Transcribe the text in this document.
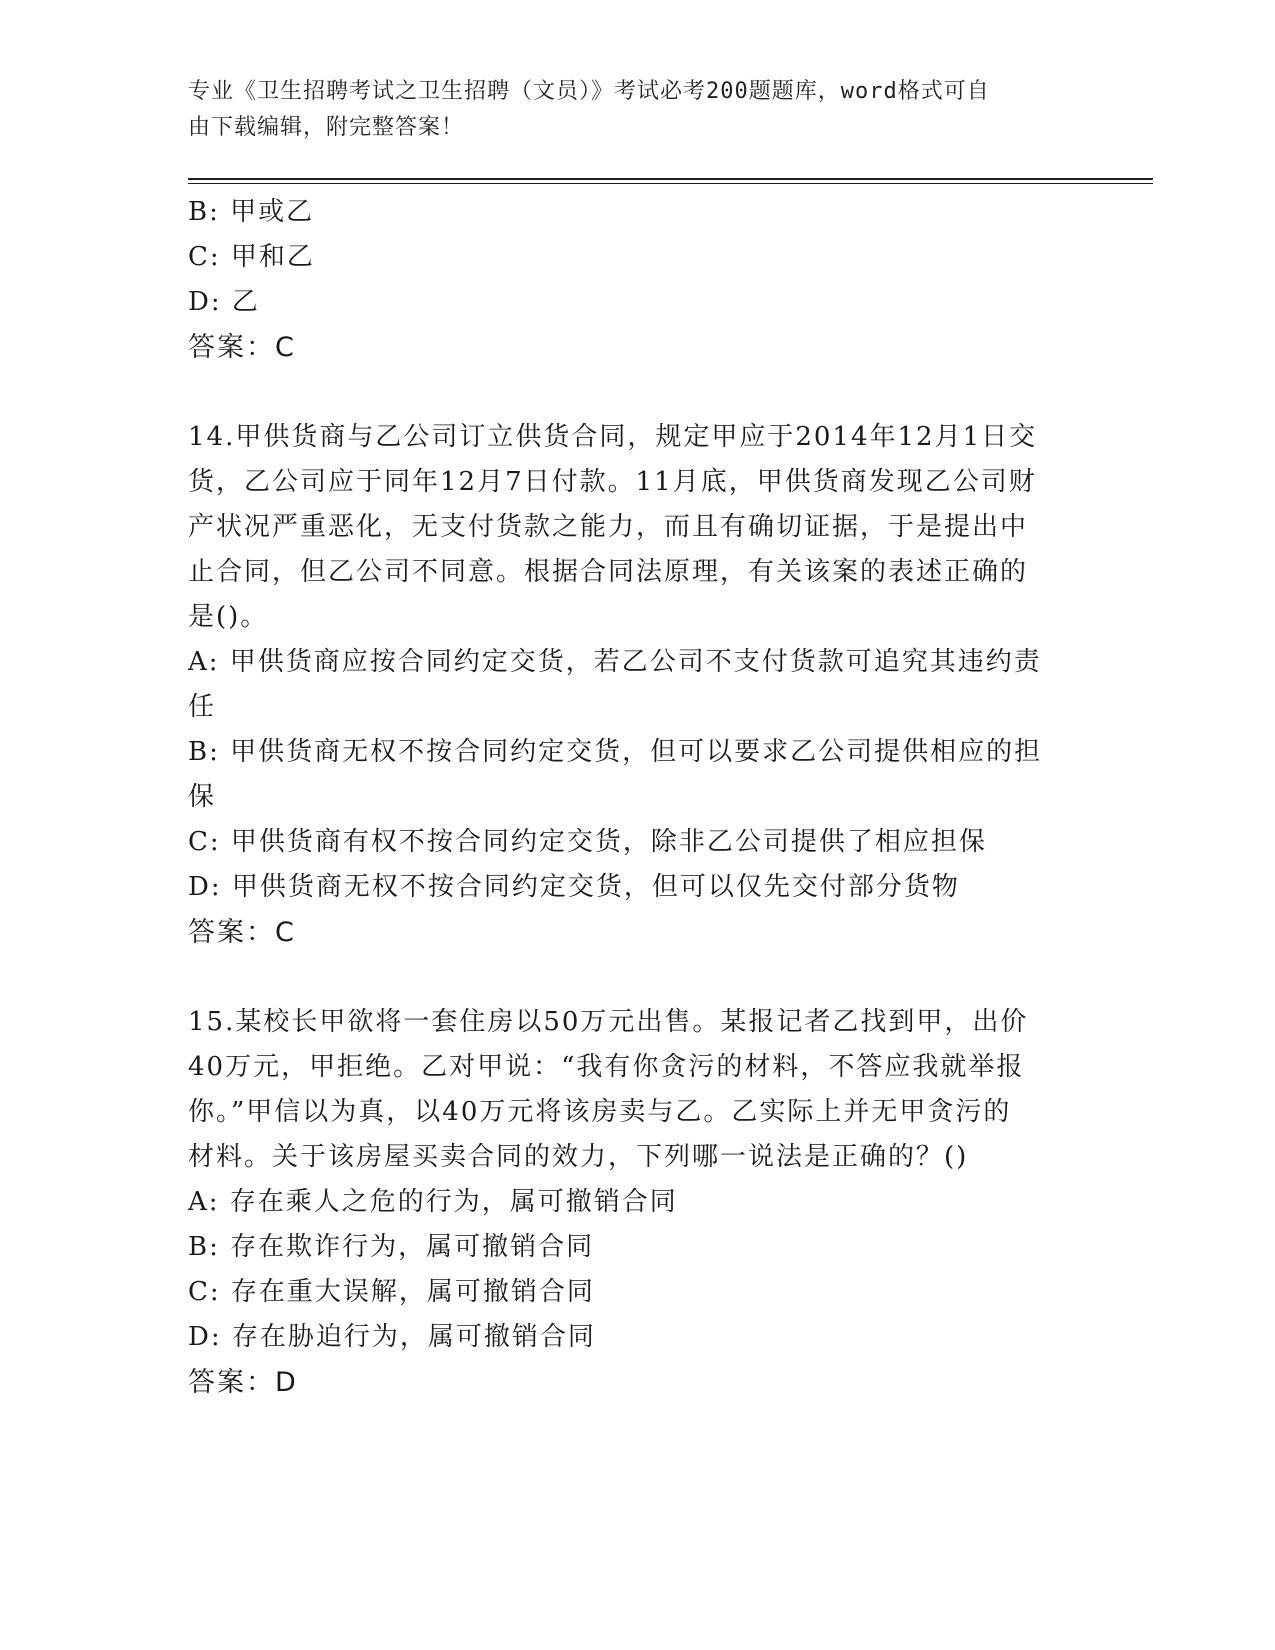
专业《卫生招聘考试之卫生招聘（文员）》考试必考200题题库，word格式可自
由下载编辑，附完整答案！
B: 甲或乙
C: 甲和乙
D: 乙
答案：C
14.甲供货商与乙公司订立供货合同，规定甲应于2014年12月1日交
货，乙公司应于同年12月7日付款。11月底，甲供货商发现乙公司财
产状况严重恶化，无支付货款之能力，而且有确切证据，于是提出中
止合同，但乙公司不同意。根据合同法原理，有关该案的表述正确的
是()。
A: 甲供货商应按合同约定交货，若乙公司不支付货款可追究其违约责
任
B: 甲供货商无权不按合同约定交货，但可以要求乙公司提供相应的担
保
C: 甲供货商有权不按合同约定交货，除非乙公司提供了相应担保
D: 甲供货商无权不按合同约定交货，但可以仅先交付部分货物
答案：C
15.某校长甲欲将一套住房以50万元出售。某报记者乙找到甲，出价
40万元，甲拒绝。乙对甲说：“我有你贪污的材料，不答应我就举报
你。”甲信以为真，以40万元将该房卖与乙。乙实际上并无甲贪污的
材料。关于该房屋买卖合同的效力，下列哪一说法是正确的？()
A: 存在乘人之危的行为，属可撤销合同
B: 存在欺诈行为，属可撤销合同
C: 存在重大误解，属可撤销合同
D: 存在胁迫行为，属可撤销合同
答案：D
